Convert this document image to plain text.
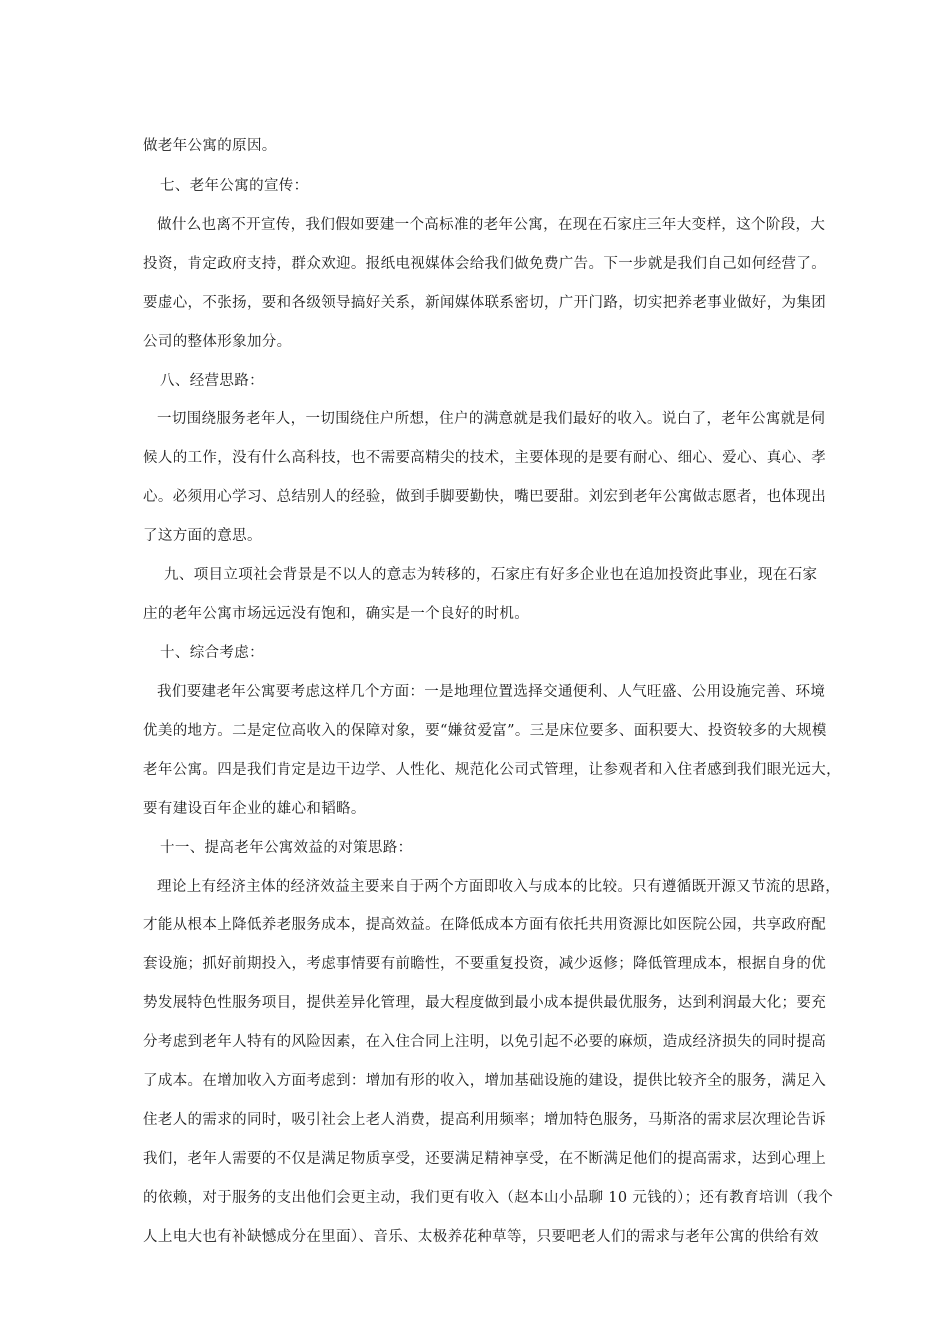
做老年公寓的原因。
七、老年公寓的宣传：
做什么也离不开宣传，我们假如要建一个高标准的老年公寓，在现在石家庄三年大变样，这个阶段，大
投资，肯定政府支持，群众欢迎。报纸电视媒体会给我们做免费广告。下一步就是我们自己如何经营了。
要虚心，不张扬，要和各级领导搞好关系，新闻媒体联系密切，广开门路，切实把养老事业做好，为集团
公司的整体形象加分。
八、经营思路：
一切围绕服务老年人，一切围绕住户所想，住户的满意就是我们最好的收入。说白了，老年公寓就是伺
候人的工作，没有什么高科技，也不需要高精尖的技术，主要体现的是要有耐心、细心、爱心、真心、孝
心。必须用心学习、总结别人的经验，做到手脚要勤快，嘴巴要甜。刘宏到老年公寓做志愿者，也体现出
了这方面的意思。
九、项目立项社会背景是不以人的意志为转移的，石家庄有好多企业也在追加投资此事业，现在石家
庄的老年公寓市场远远没有饱和，确实是一个良好的时机。
十、综合考虑：
我们要建老年公寓要考虑这样几个方面：一是地理位置选择交通便利、人气旺盛、公用设施完善、环境
优美的地方。二是定位高收入的保障对象，要“嫌贫爱富”。三是床位要多、面积要大、投资较多的大规模
老年公寓。四是我们肯定是边干边学、人性化、规范化公司式管理，让参观者和入住者感到我们眼光远大，
要有建设百年企业的雄心和韬略。
十一、提高老年公寓效益的对策思路：
理论上有经济主体的经济效益主要来自于两个方面即收入与成本的比较。只有遵循既开源又节流的思路，
才能从根本上降低养老服务成本，提高效益。在降低成本方面有依托共用资源比如医院公园，共享政府配
套设施；抓好前期投入，考虑事情要有前瞻性，不要重复投资，减少返修；降低管理成本，根据自身的优
势发展特色性服务项目，提供差异化管理，最大程度做到最小成本提供最优服务，达到利润最大化；要充
分考虑到老年人特有的风险因素，在入住合同上注明，以免引起不必要的麻烦，造成经济损失的同时提高
了成本。在增加收入方面考虑到：增加有形的收入，增加基础设施的建设，提供比较齐全的服务，满足入
住老人的需求的同时，吸引社会上老人消费，提高利用频率；增加特色服务，马斯洛的需求层次理论告诉
我们，老年人需要的不仅是满足物质享受，还要满足精神享受，在不断满足他们的提高需求，达到心理上
的依赖，对于服务的支出他们会更主动，我们更有收入（赵本山小品聊 10 元钱的）；还有教育培训（我个
人上电大也有补缺憾成分在里面）、音乐、太极养花种草等，只要吧老人们的需求与老年公寓的供给有效
